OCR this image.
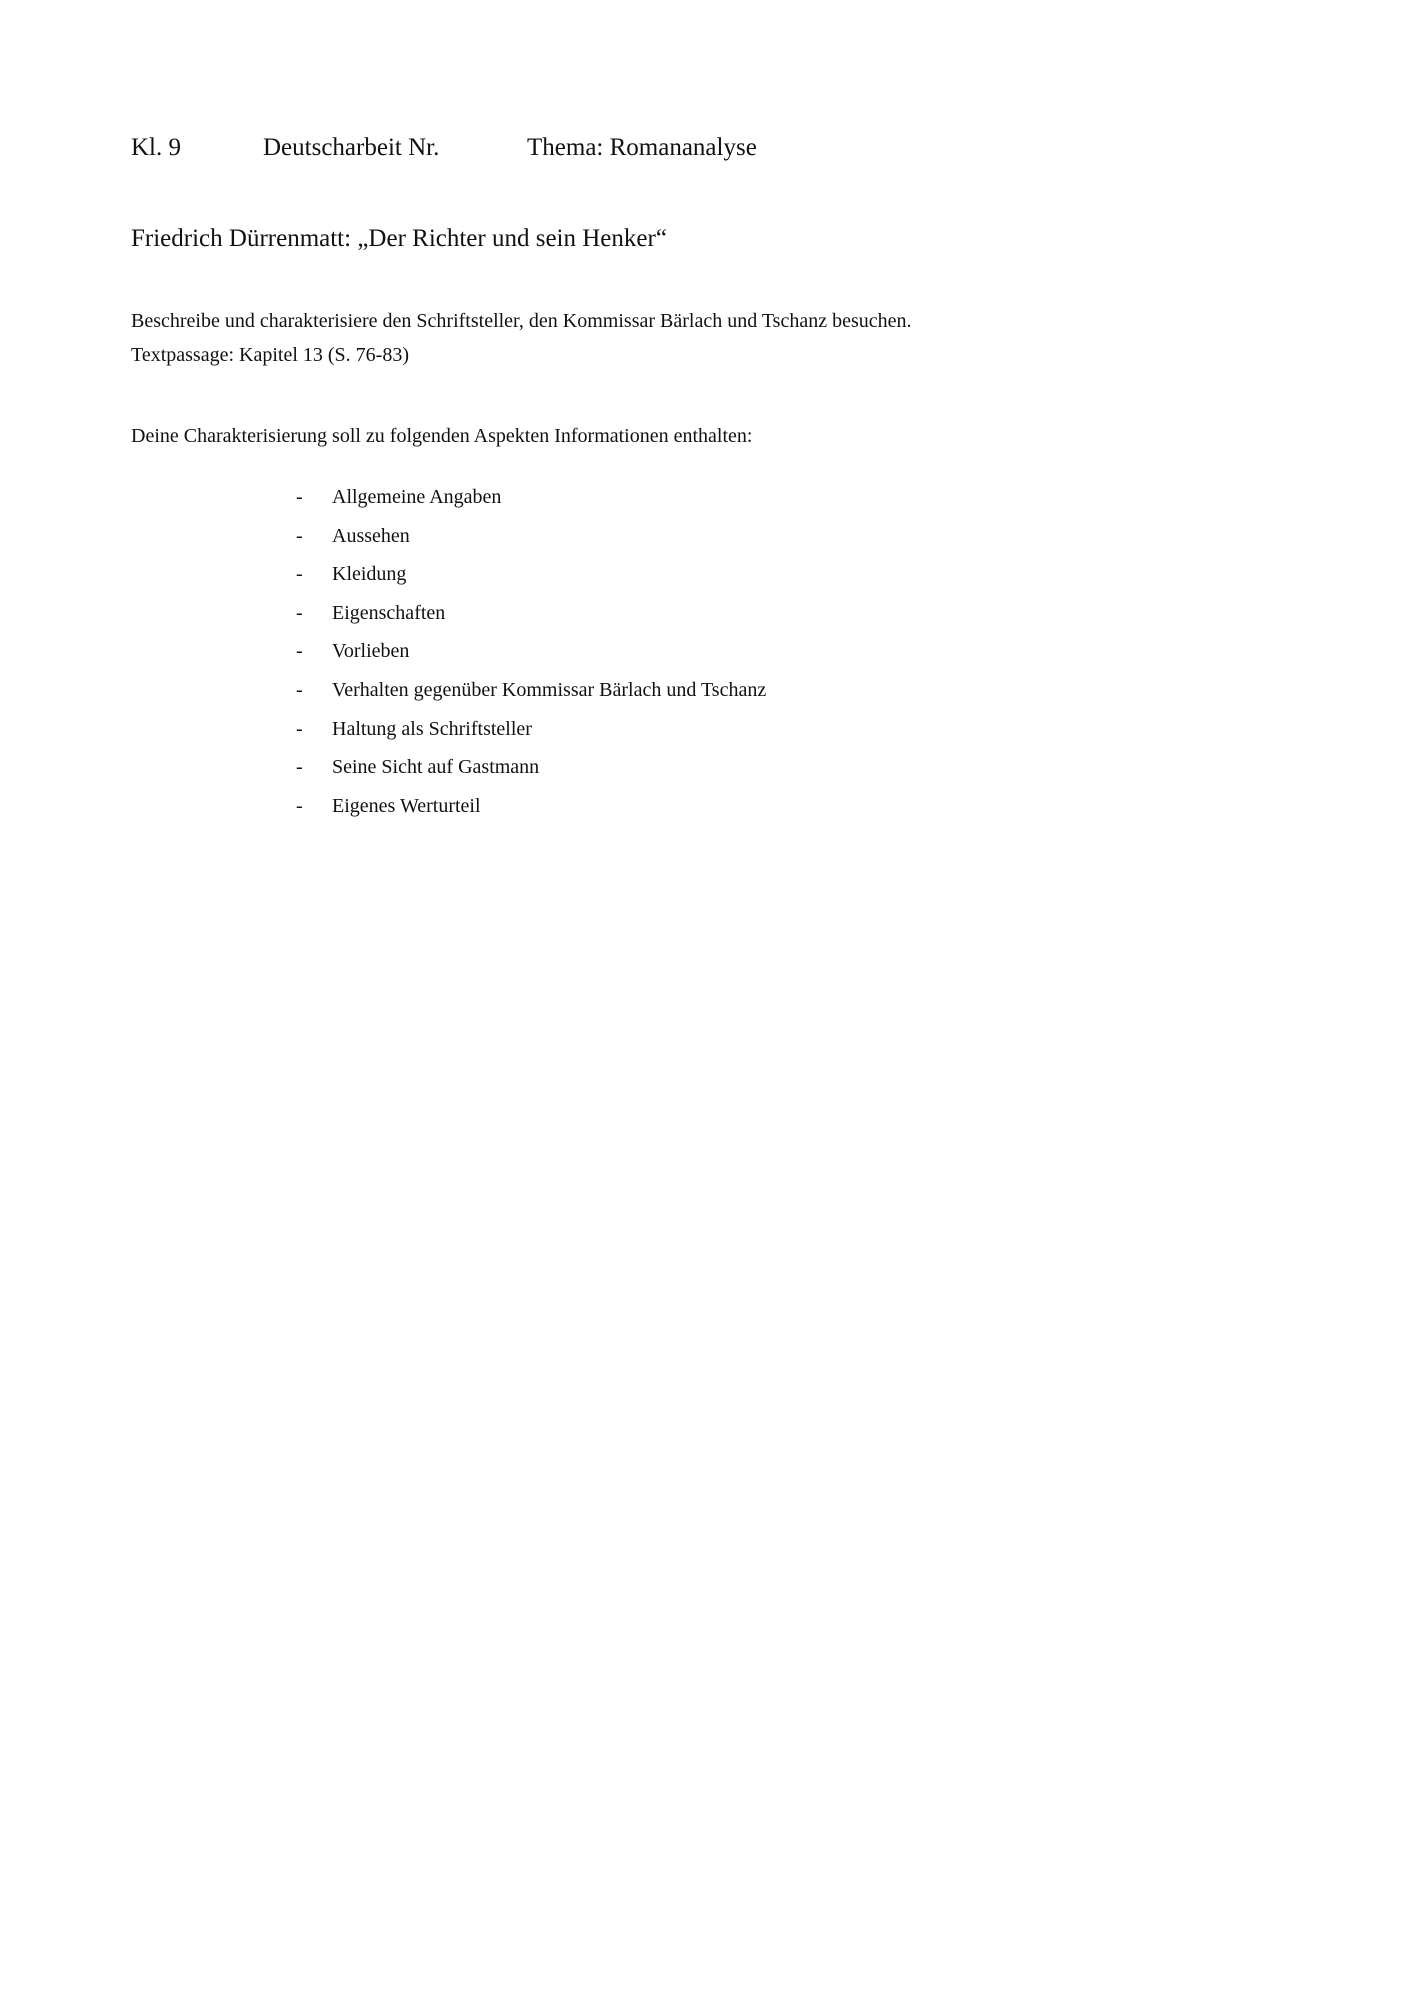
Kl. 9	Deutscharbeit Nr.	Thema: Romananalyse
Friedrich Dürrenmatt: „Der Richter und sein Henker“
Beschreibe und charakterisiere den Schriftsteller, den Kommissar Bärlach und Tschanz besuchen.
Textpassage: Kapitel 13 (S. 76-83)
Deine Charakterisierung soll zu folgenden Aspekten Informationen enthalten:
- Allgemeine Angaben
- Aussehen
- Kleidung
- Eigenschaften
- Vorlieben
- Verhalten gegenüber Kommissar Bärlach und Tschanz
- Haltung als Schriftsteller
- Seine Sicht auf Gastmann
- Eigenes Werturteil
